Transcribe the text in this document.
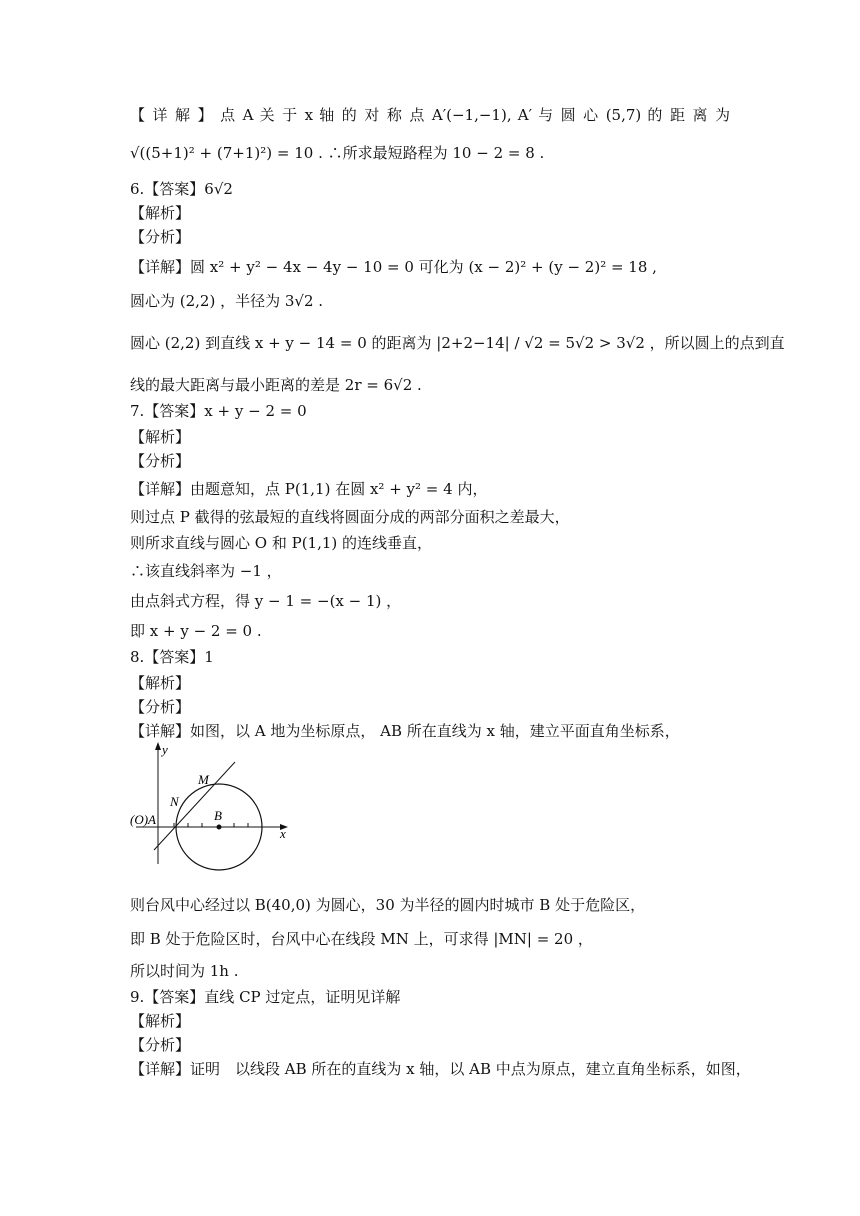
【 详 解 】 点 A 关 于 x 轴 的 对 称 点 A′(−1,−1), A′ 与 圆 心 (5,7) 的 距 离 为
√((5+1)² + (7+1)²) = 10 . ∴所求最短路程为 10 − 2 = 8 .
6.【答案】6√2
【解析】
【分析】
【详解】圆 x² + y² − 4x − 4y − 10 = 0 可化为 (x − 2)² + (y − 2)² = 18 ,
圆心为 (2,2) ，半径为 3√2 .
圆心 (2,2) 到直线 x + y − 14 = 0 的距离为 |2+2−14| / √2 = 5√2 > 3√2 ，所以圆上的点到直
线的最大距离与最小距离的差是 2r = 6√2 .
7.【答案】x + y − 2 = 0
【解析】
【分析】
【详解】由题意知，点 P(1,1) 在圆 x² + y² = 4 内，
则过点 P 截得的弦最短的直线将圆面分成的两部分面积之差最大，
则所求直线与圆心 O 和 P(1,1) 的连线垂直，
∴该直线斜率为 −1 ，
由点斜式方程，得 y − 1 = −(x − 1) ，
即 x + y − 2 = 0 .
8.【答案】1
【解析】
【分析】
【详解】如图，以 A 地为坐标原点， AB 所在直线为 x 轴，建立平面直角坐标系，
y
x
(O)A
M
N
B
则台风中心经过以 B(40,0) 为圆心，30 为半径的圆内时城市 B 处于危险区，
即 B 处于危险区时，台风中心在线段 MN 上，可求得 |MN| = 20 ，
所以时间为 1h .
9.【答案】直线 CP 过定点，证明见详解
【解析】
【分析】
【详解】证明　以线段 AB 所在的直线为 x 轴，以 AB 中点为原点，建立直角坐标系，如图，
